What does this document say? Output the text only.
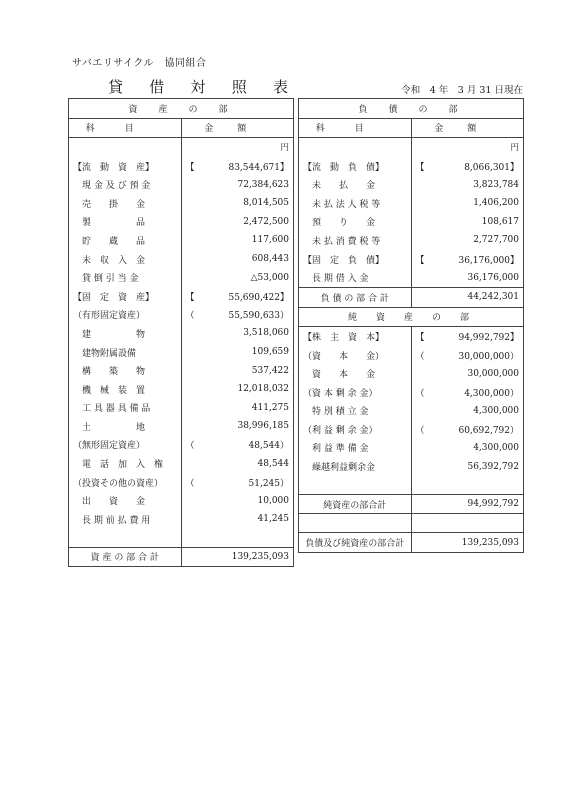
サバエリサイクル　協同組合
貸 借 対 照 表	令和　4 年　3 月 31 日現在
資　産　の　部	
科目	金額
	円
【流　動　資　産】	【 83,544,671】

　現 金 及 び 預 金	72,384,623

　売　　掛　　金	8,014,505

　製　　　　　品	2,472,500

　貯　　蔵　　品	117,600

　未　収　入　金	608,443

　貸 倒 引 当 金	△53,000

【固　定　資　産】	【 55,690,422】

（有形固定資産）	（ 55,590,633）

　建　　　　　物	3,518,060

　建物附属設備	109,659

　構　　築　　物	537,422

　機　械　装　置	12,018,032

　工 具 器 具 備 品	411,275

　土　　　　　地	38,996,185

（無形固定資産）	（ 48,544）

　電　話　加　入　権	48,544

（投資その他の資産）	（ 51,245）

　出　　資　　金	10,000

　長 期 前 払 費 用	41,245

資 産 の 部 合 計	139,235,093
負　債　の　部	
科目	金額
	円
【流　動　負　債】	【 8,066,301】

　未　　払　　金	3,823,784

　未 払 法 人 税 等	1,406,200

　預　　り　　金	108,617

　未 払 消 費 税 等	2,727,700

【固　定　負　債】	【 36,176,000】

　長 期 借 入 金	36,176,000

負 債 の 部 合 計	44,242,301
純　資　産　の　部	
【株　主　資　本】	【 94,992,792】

（資　　本　　金）	（ 30,000,000）

　資　　本　　金	30,000,000

（資 本 剰 余 金）	（ 4,300,000）

　特 別 積 立 金	4,300,000

（利 益 剰 余 金）	（ 60,692,792）

　利 益 準 備 金	4,300,000

　繰越利益剰余金	56,392,792

純資産の部合計	94,992,792

負債及び純資産の部合計	139,235,093
